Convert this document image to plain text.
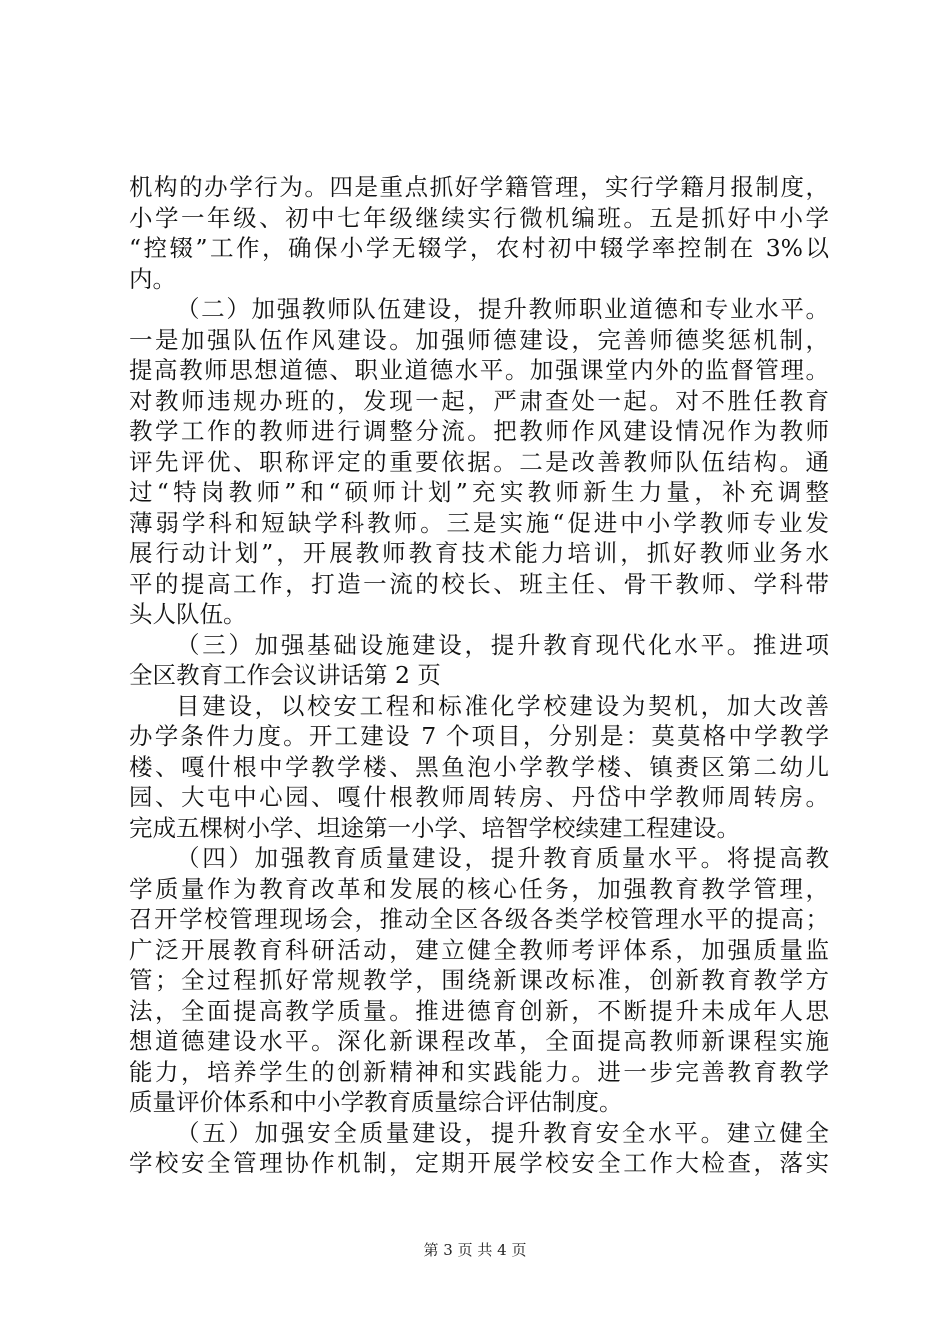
机构的办学行为。四是重点抓好学籍管理，实行学籍月报制度，
小学一年级、初中七年级继续实行微机编班。五是抓好中小学
“控辍”工作，确保小学无辍学，农村初中辍学率控制在 3%以
内。
（二）加强教师队伍建设，提升教师职业道德和专业水平。
一是加强队伍作风建设。加强师德建设，完善师德奖惩机制，
提高教师思想道德、职业道德水平。加强课堂内外的监督管理。
对教师违规办班的，发现一起，严肃查处一起。对不胜任教育
教学工作的教师进行调整分流。把教师作风建设情况作为教师
评先评优、职称评定的重要依据。二是改善教师队伍结构。通
过“特岗教师”和“硕师计划”充实教师新生力量，补充调整
薄弱学科和短缺学科教师。三是实施“促进中小学教师专业发
展行动计划”，开展教师教育技术能力培训，抓好教师业务水
平的提高工作，打造一流的校长、班主任、骨干教师、学科带
头人队伍。
（三）加强基础设施建设，提升教育现代化水平。推进项
全区教育工作会议讲话第 2 页
目建设，以校安工程和标准化学校建设为契机，加大改善
办学条件力度。开工建设 7 个项目，分别是：莫莫格中学教学
楼、嘎什根中学教学楼、黑鱼泡小学教学楼、镇赉区第二幼儿
园、大屯中心园、嘎什根教师周转房、丹岱中学教师周转房。
完成五棵树小学、坦途第一小学、培智学校续建工程建设。
（四）加强教育质量建设，提升教育质量水平。将提高教
学质量作为教育改革和发展的核心任务，加强教育教学管理，
召开学校管理现场会，推动全区各级各类学校管理水平的提高；
广泛开展教育科研活动，建立健全教师考评体系，加强质量监
管；全过程抓好常规教学，围绕新课改标准，创新教育教学方
法，全面提高教学质量。推进德育创新，不断提升未成年人思
想道德建设水平。深化新课程改革，全面提高教师新课程实施
能力，培养学生的创新精神和实践能力。进一步完善教育教学
质量评价体系和中小学教育质量综合评估制度。
（五）加强安全质量建设，提升教育安全水平。建立健全
学校安全管理协作机制，定期开展学校安全工作大检查，落实
第 3 页 共 4 页
